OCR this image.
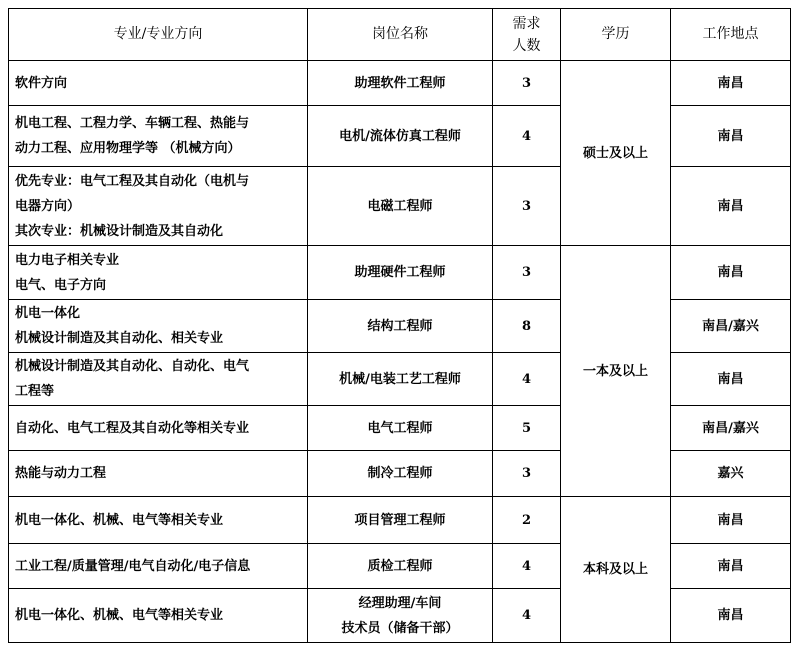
专业/专业方向	岗位名称	需求
人数	学历	工作地点
软件方向	助理软件工程师	3	硕士及以上	南昌
机电工程、工程力学、车辆工程、热能与
动力工程、应用物理学等 （机械方向）	电机/流体仿真工程师	4		南昌
优先专业：电气工程及其自动化（电机与
电器方向）
其次专业：机械设计制造及其自动化	电磁工程师	3		南昌
电力电子相关专业
电气、电子方向	助理硬件工程师	3	一本及以上	南昌
机电一体化
机械设计制造及其自动化、相关专业	结构工程师	8		南昌/嘉兴
机械设计制造及其自动化、自动化、电气
工程等	机械/电装工艺工程师	4		南昌
自动化、电气工程及其自动化等相关专业	电气工程师	5		南昌/嘉兴
热能与动力工程	制冷工程师	3		嘉兴
机电一体化、机械、电气等相关专业	项目管理工程师	2	本科及以上	南昌
工业工程/质量管理/电气自动化/电子信息	质检工程师	4		南昌
机电一体化、机械、电气等相关专业	经理助理/车间
技术员（储备干部）	4		南昌
